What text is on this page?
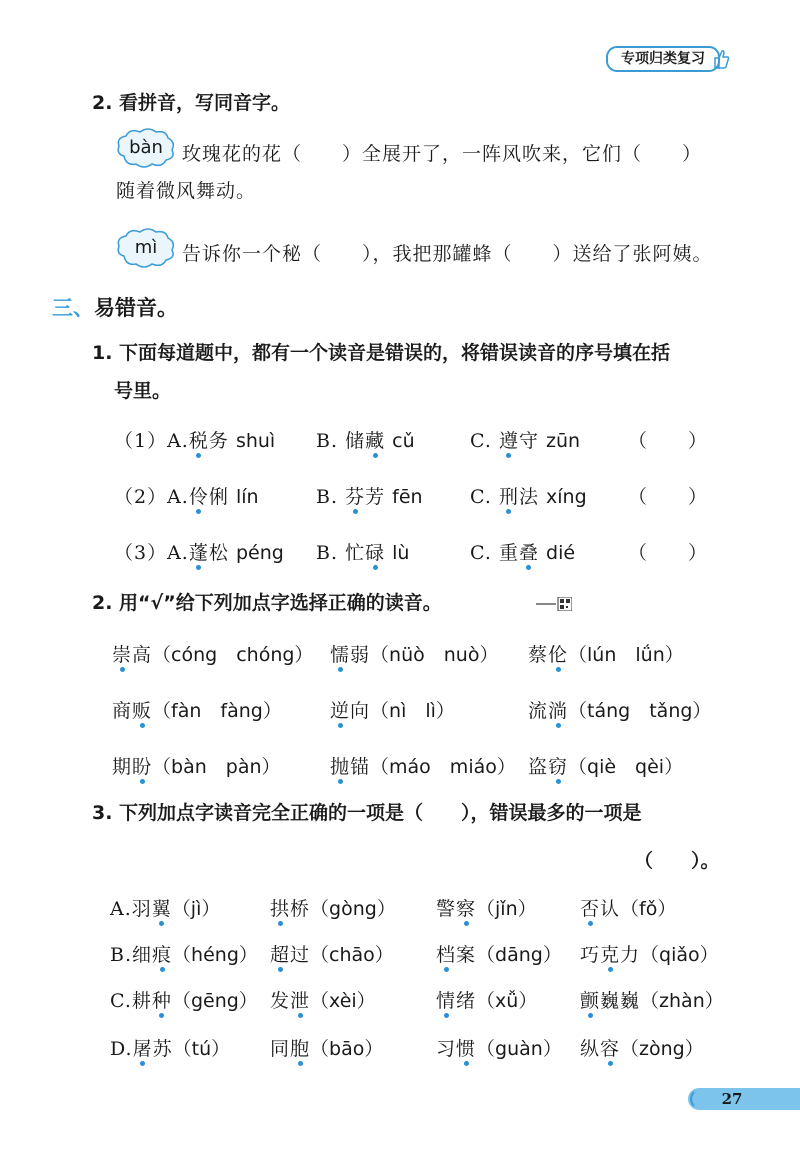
专项归类复习
2. 看拼音，写同音字。
bàn	玫瑰花的花（　　）全展开了，一阵风吹来，它们（　　）
随着微风舞动。
mì	告诉你一个秘（　　），我把那罐蜂（　　）送给了张阿姨。
三、易错音。
1. 下面每道题中，都有一个读音是错误的，将错误读音的序号填在括
号里。
（1）A.税务 shuì B. 储藏 cǔ	C. 遵守 zūn	（　　）
（2）A.伶俐 lín	B. 芬芳 fēn C. 刑法 xíng （　　）
（3）A.蓬松 péng B. 忙碌 lù	C. 重叠 dié	（　　）
2. 用“√”给下列加点字选择正确的读音。
崇高（cóng　chóng） 懦弱（nüò　nuò） 蔡伦（lún　lǘn）
商贩（fàn　fàng）	逆向（nì　lì）	流淌（táng　tǎng）
期盼（bàn　pàn）	抛锚（máo　miáo） 盗窃（qiè　qèi）
3. 下列加点字读音完全正确的一项是（　　），错误最多的一项是
（　　）。
A.羽翼（jì）	拱桥（gòng） 警察（jǐn） 否认（fǒ）
B.细痕（héng） 超过（chāo） 档案（dāng） 巧克力（qiǎo）
C.耕种（gēng） 发泄（xèi）	情绪（xǚ） 颤巍巍（zhàn）
D.屠苏（tú） 同胞（bāo）	习惯（guàn） 纵容（zòng）
27
